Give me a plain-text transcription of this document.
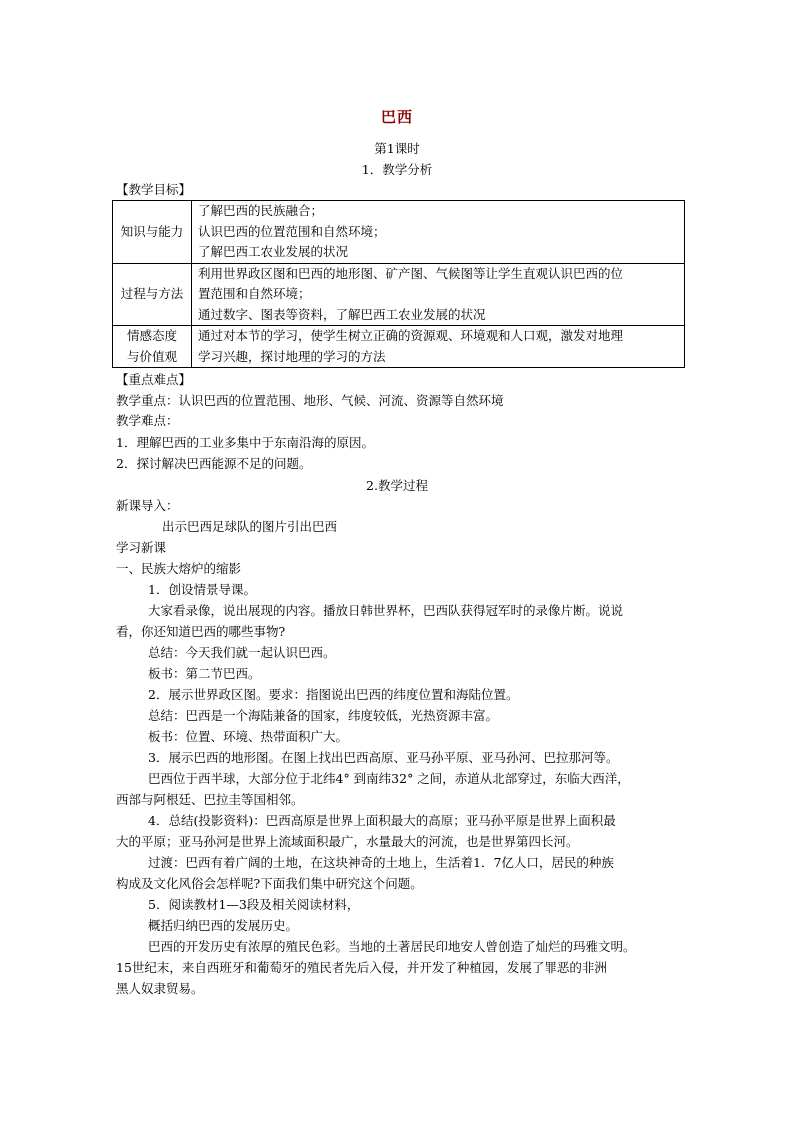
巴西
第1课时
1．教学分析
【教学目标】
知识与能力	了解巴西的民族融合；
认识巴西的位置范围和自然环境；
了解巴西工农业发展的状况

过程与方法	利用世界政区图和巴西的地形图、矿产图、气候图等让学生直观认识巴西的位
置范围和自然环境；
通过数字、图表等资料，了解巴西工农业发展的状况

情感态度
与价值观	通过对本节的学习，使学生树立正确的资源观、环境观和人口观，激发对地理
学习兴趣，探讨地理的学习的方法
【重点难点】
教学重点：认识巴西的位置范围、地形、气候、河流、资源等自然环境
教学难点：
1．理解巴西的工业多集中于东南沿海的原因。
2．探讨解决巴西能源不足的问题。
2.教学过程
新课导入：
出示巴西足球队的图片引出巴西
学习新课
一、民族大熔炉的缩影
1．创设情景导课。
大家看录像，说出展现的内容。播放日韩世界杯，巴西队获得冠军时的录像片断。说说
看，你还知道巴西的哪些事物?
总结：今天我们就一起认识巴西。
板书：第二节巴西。
2．展示世界政区图。要求：指图说出巴西的纬度位置和海陆位置。
总结：巴西是一个海陆兼备的国家，纬度较低，光热资源丰富。
板书：位置、环境、热带面积广大。
3．展示巴西的地形图。在图上找出巴西高原、亚马孙平原、亚马孙河、巴拉那河等。
巴西位于西半球，大部分位于北纬4° 到南纬32° 之间，赤道从北部穿过，东临大西洋，
西部与阿根廷、巴拉圭等国相邻。
4．总结(投影资料)：巴西高原是世界上面积最大的高原；亚马孙平原是世界上面积最
大的平原；亚马孙河是世界上流域面积最广，水量最大的河流，也是世界第四长河。
过渡：巴西有着广阔的土地，在这块神奇的土地上，生活着1．7亿人口，居民的种族
构成及文化风俗会怎样呢?下面我们集中研究这个问题。
5．阅读教材1—3段及相关阅读材料，
概括归纳巴西的发展历史。
巴西的开发历史有浓厚的殖民色彩。当地的土著居民印地安人曾创造了灿烂的玛雅文明。
15世纪末，来自西班牙和葡萄牙的殖民者先后入侵，并开发了种植园，发展了罪恶的非洲
黑人奴隶贸易。
